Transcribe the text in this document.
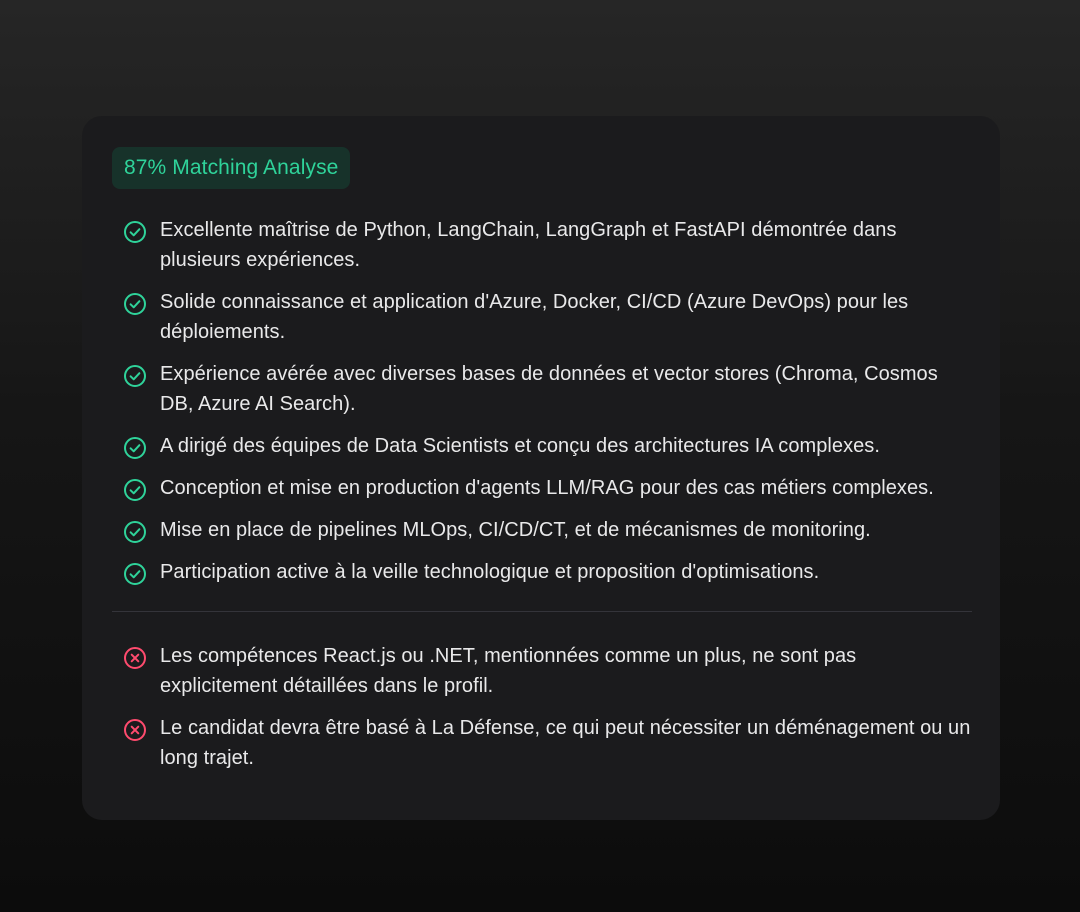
87% Matching Analyse
Excellente maîtrise de Python, LangChain, LangGraph et FastAPI démontrée dans plusieurs expériences.
Solide connaissance et application d'Azure, Docker, CI/CD (Azure DevOps) pour les déploiements.
Expérience avérée avec diverses bases de données et vector stores (Chroma, Cosmos DB, Azure AI Search).
A dirigé des équipes de Data Scientists et conçu des architectures IA complexes.
Conception et mise en production d'agents LLM/RAG pour des cas métiers complexes.
Mise en place de pipelines MLOps, CI/CD/CT, et de mécanismes de monitoring.
Participation active à la veille technologique et proposition d'optimisations.
Les compétences React.js ou .NET, mentionnées comme un plus, ne sont pas explicitement détaillées dans le profil.
Le candidat devra être basé à La Défense, ce qui peut nécessiter un déménagement ou un long trajet.
